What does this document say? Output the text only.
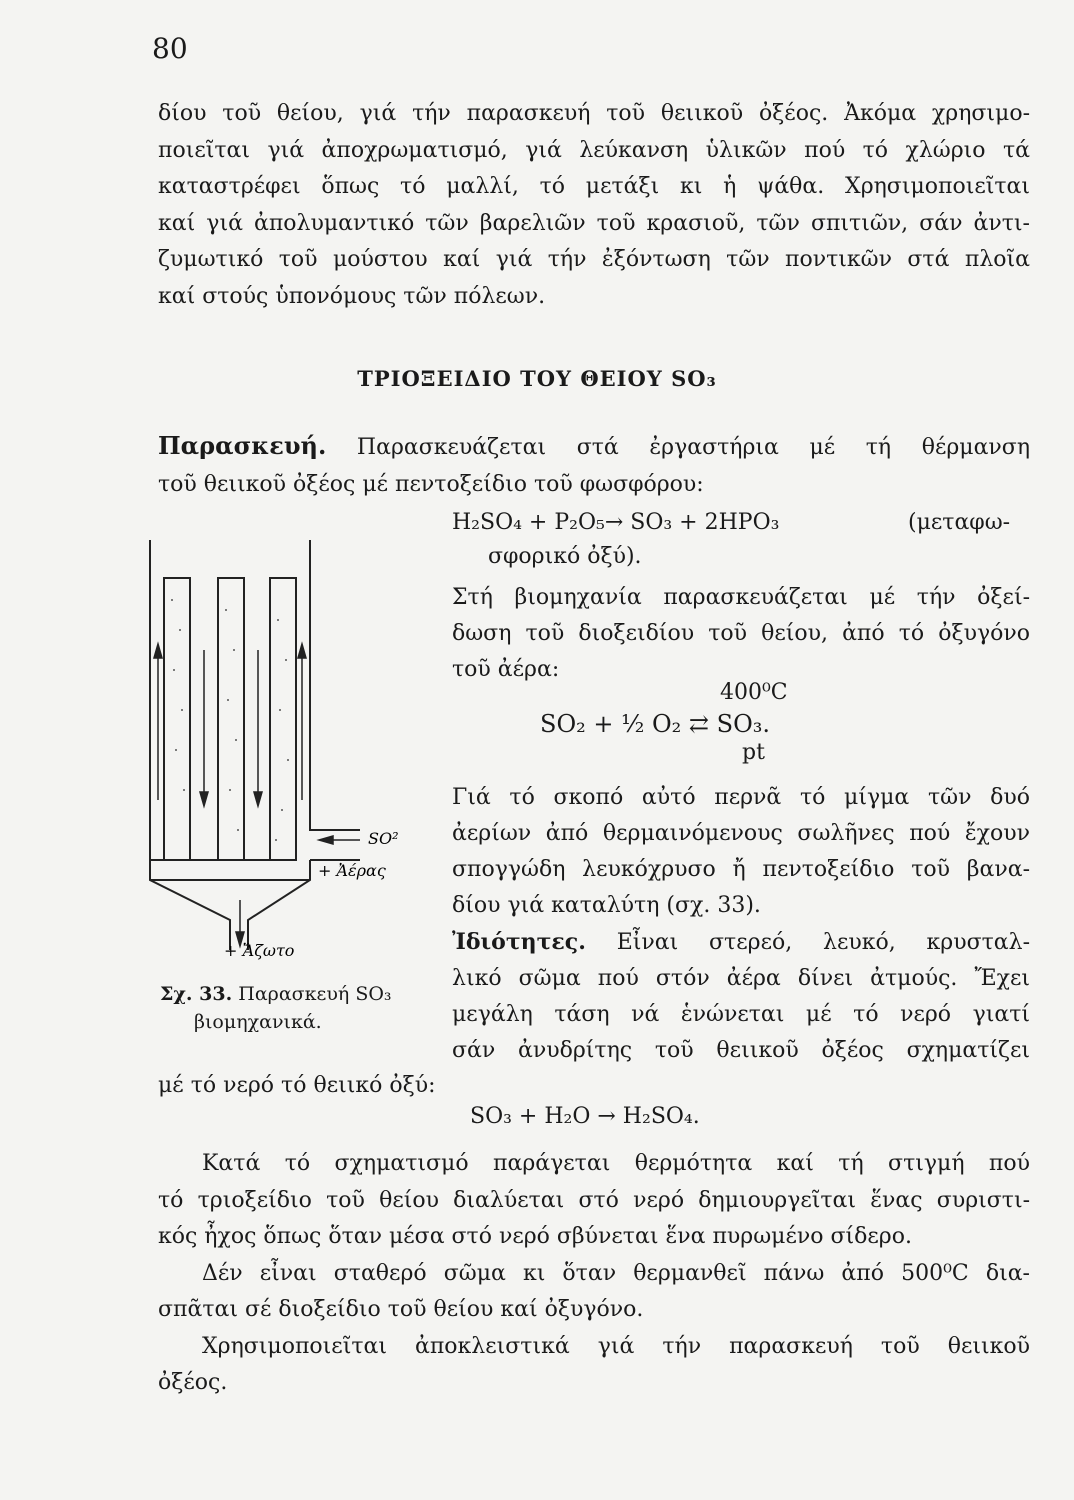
80
δίου τοῦ θείου, γιά τήν παρασκευή τοῦ θειικοῦ ὀξέος. Ἀκόμα χρησιμο-
ποιεῖται γιά ἀποχρωματισμό, γιά λεύκανση ὑλικῶν πού τό χλώριο τά
καταστρέφει ὅπως τό μαλλί, τό μετάξι κι ἡ ψάθα. Χρησιμοποιεῖται
καί γιά ἀπολυμαντικό τῶν βαρελιῶν τοῦ κρασιοῦ, τῶν σπιτιῶν, σάν ἀντι-
ζυμωτικό τοῦ μούστου καί γιά τήν ἐξόντωση τῶν ποντικῶν στά πλοῖα
καί στούς ὑπονόμους τῶν πόλεων.
ΤΡΙΟΞΕΙΔΙΟ ΤΟΥ ΘΕΙΟΥ SO₃
Παρασκευή. Παρασκευάζεται στά ἐργαστήρια μέ τή θέρμανση
τοῦ θειικοῦ ὀξέος μέ πεντοξείδιο τοῦ φωσφόρου:
H₂SO₄ + P₂O₅→ SO₃ + 2HPO₃	(μεταφω-
σφορικό ὀξύ).
Στή βιομηχανία παρασκευάζεται μέ τήν ὀξεί-
δωση τοῦ διοξειδίου τοῦ θείου, ἀπό τό ὀξυγόνο
τοῦ ἀέρα:
400⁰C
SO₂ + ½ O₂ ⇄ SO₃.
pt
Γιά τό σκοπό αὐτό περνᾶ τό μίγμα τῶν δυό
ἀερίων ἀπό θερμαινόμενους σωλῆνες πού ἔχουν
σπογγώδη λευκόχρυσο ἤ πεντοξείδιο τοῦ βανα-
δίου γιά καταλύτη (σχ. 33).
Ἰδιότητες. Εἶναι στερεό, λευκό, κρυσταλ-
λικό σῶμα πού στόν ἀέρα δίνει ἀτμούς. Ἔχει
μεγάλη τάση νά ἑνώνεται μέ τό νερό γιατί
σάν ἀνυδρίτης τοῦ θειικοῦ ὀξέος σχηματίζει
μέ τό νερό τό θειικό ὀξύ:
SO₃ + H₂O → H₂SO₄.
Κατά τό σχηματισμό παράγεται θερμότητα καί τή στιγμή πού
τό τριοξείδιο τοῦ θείου διαλύεται στό νερό δημιουργεῖται ἕνας συριστι-
κός ἦχος ὅπως ὅταν μέσα στό νερό σβύνεται ἕνα πυρωμένο σίδερο.
Δέν εἶναι σταθερό σῶμα κι ὅταν θερμανθεῖ πάνω ἀπό 500⁰C δια-
σπᾶται σέ διοξείδιο τοῦ θείου καί ὀξυγόνο.
Χρησιμοποιεῖται ἀποκλειστικά γιά τήν παρασκευή τοῦ θειικοῦ
ὀξέος.
SO²
+ Ἀέρας
+ Ἄζωτο
Σχ. 33. Παρασκευή SO₃
βιομηχανικά.
